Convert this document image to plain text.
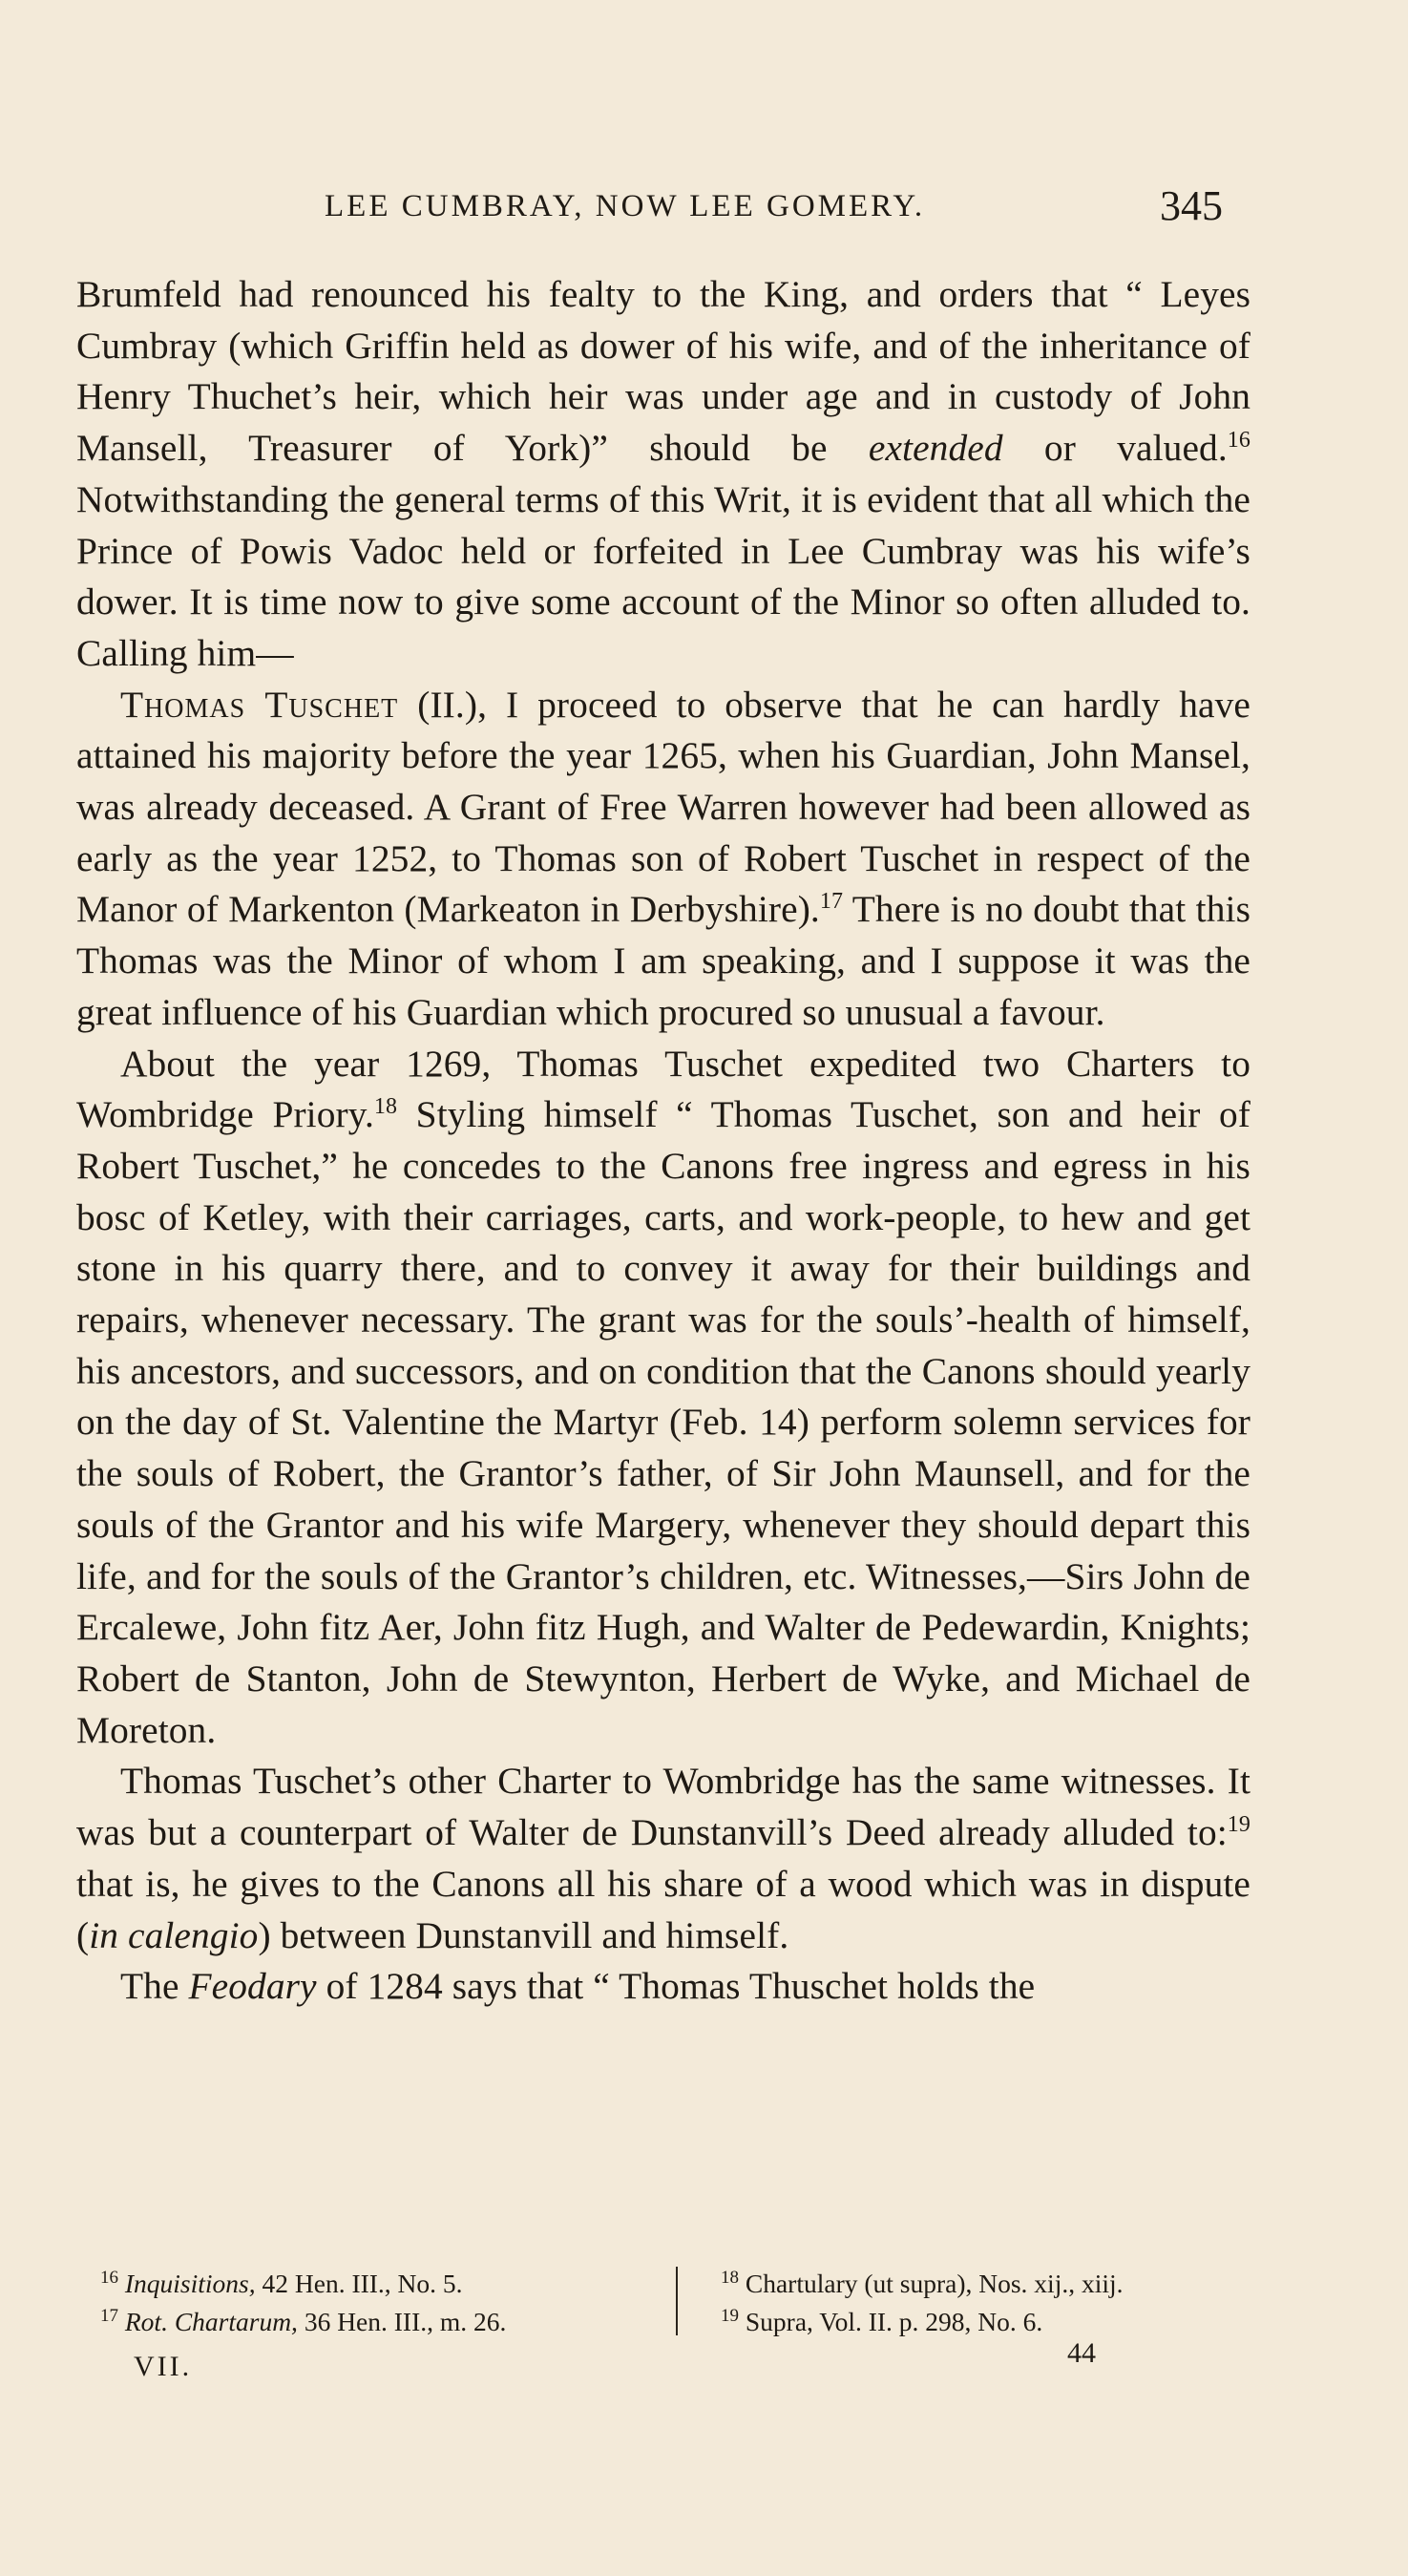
LEE CUMBRAY, NOW LEE GOMERY.	345

Brumfeld had renounced his fealty to the King, and orders that “ Leyes Cumbray (which Griffin held as dower of his wife, and of the inheritance of Henry Thuchet’s heir, which heir was under age and in custody of John Mansell, Treasurer of York)” should be extended or valued.$^{16}$ Notwithstanding the general terms of this Writ, it is evident that all which the Prince of Powis Vadoc held or forfeited in Lee Cumbray was his wife’s dower. It is time now to give some account of the Minor so often alluded to. Calling him—

Thomas Tuschet (II.), I proceed to observe that he can hardly have attained his majority before the year 1265, when his Guardian, John Mansel, was already deceased. A Grant of Free Warren however had been allowed as early as the year 1252, to Thomas son of Robert Tuschet in respect of the Manor of Markenton (Markeaton in Derbyshire).$^{17}$ There is no doubt that this Thomas was the Minor of whom I am speaking, and I suppose it was the great influence of his Guardian which procured so unusual a favour.

About the year 1269, Thomas Tuschet expedited two Charters to Wombridge Priory.$^{18}$ Styling himself “ Thomas Tuschet, son and heir of Robert Tuschet,” he concedes to the Canons free ingress and egress in his bosc of Ketley, with their carriages, carts, and work-people, to hew and get stone in his quarry there, and to convey it away for their buildings and repairs, whenever necessary. The grant was for the souls’-health of himself, his ancestors, and successors, and on condition that the Canons should yearly on the day of St. Valentine the Martyr (Feb. 14) perform solemn services for the souls of Robert, the Grantor’s father, of Sir John Maunsell, and for the souls of the Grantor and his wife Margery, whenever they should depart this life, and for the souls of the Grantor’s children, etc. Witnesses,—Sirs John de Ercalewe, John fitz Aer, John fitz Hugh, and Walter de Pedewardin, Knights; Robert de Stanton, John de Stewynton, Herbert de Wyke, and Michael de Moreton.

Thomas Tuschet’s other Charter to Wombridge has the same witnesses. It was but a counterpart of Walter de Dunstanvill’s Deed already alluded to:$^{19}$ that is, he gives to the Canons all his share of a wood which was in dispute (in calengio) between Dunstanvill and himself.

The Feodary of 1284 says that “ Thomas Thuschet holds the

$^{16}$ Inquisitions, 42 Hen. III., No. 5.
$^{17}$ Rot. Chartarum, 36 Hen. III., m. 26.
$^{18}$ Chartulary (ut supra), Nos. xij., xiij.
$^{19}$ Supra, Vol. II. p. 298, No. 6.
VII.	44
